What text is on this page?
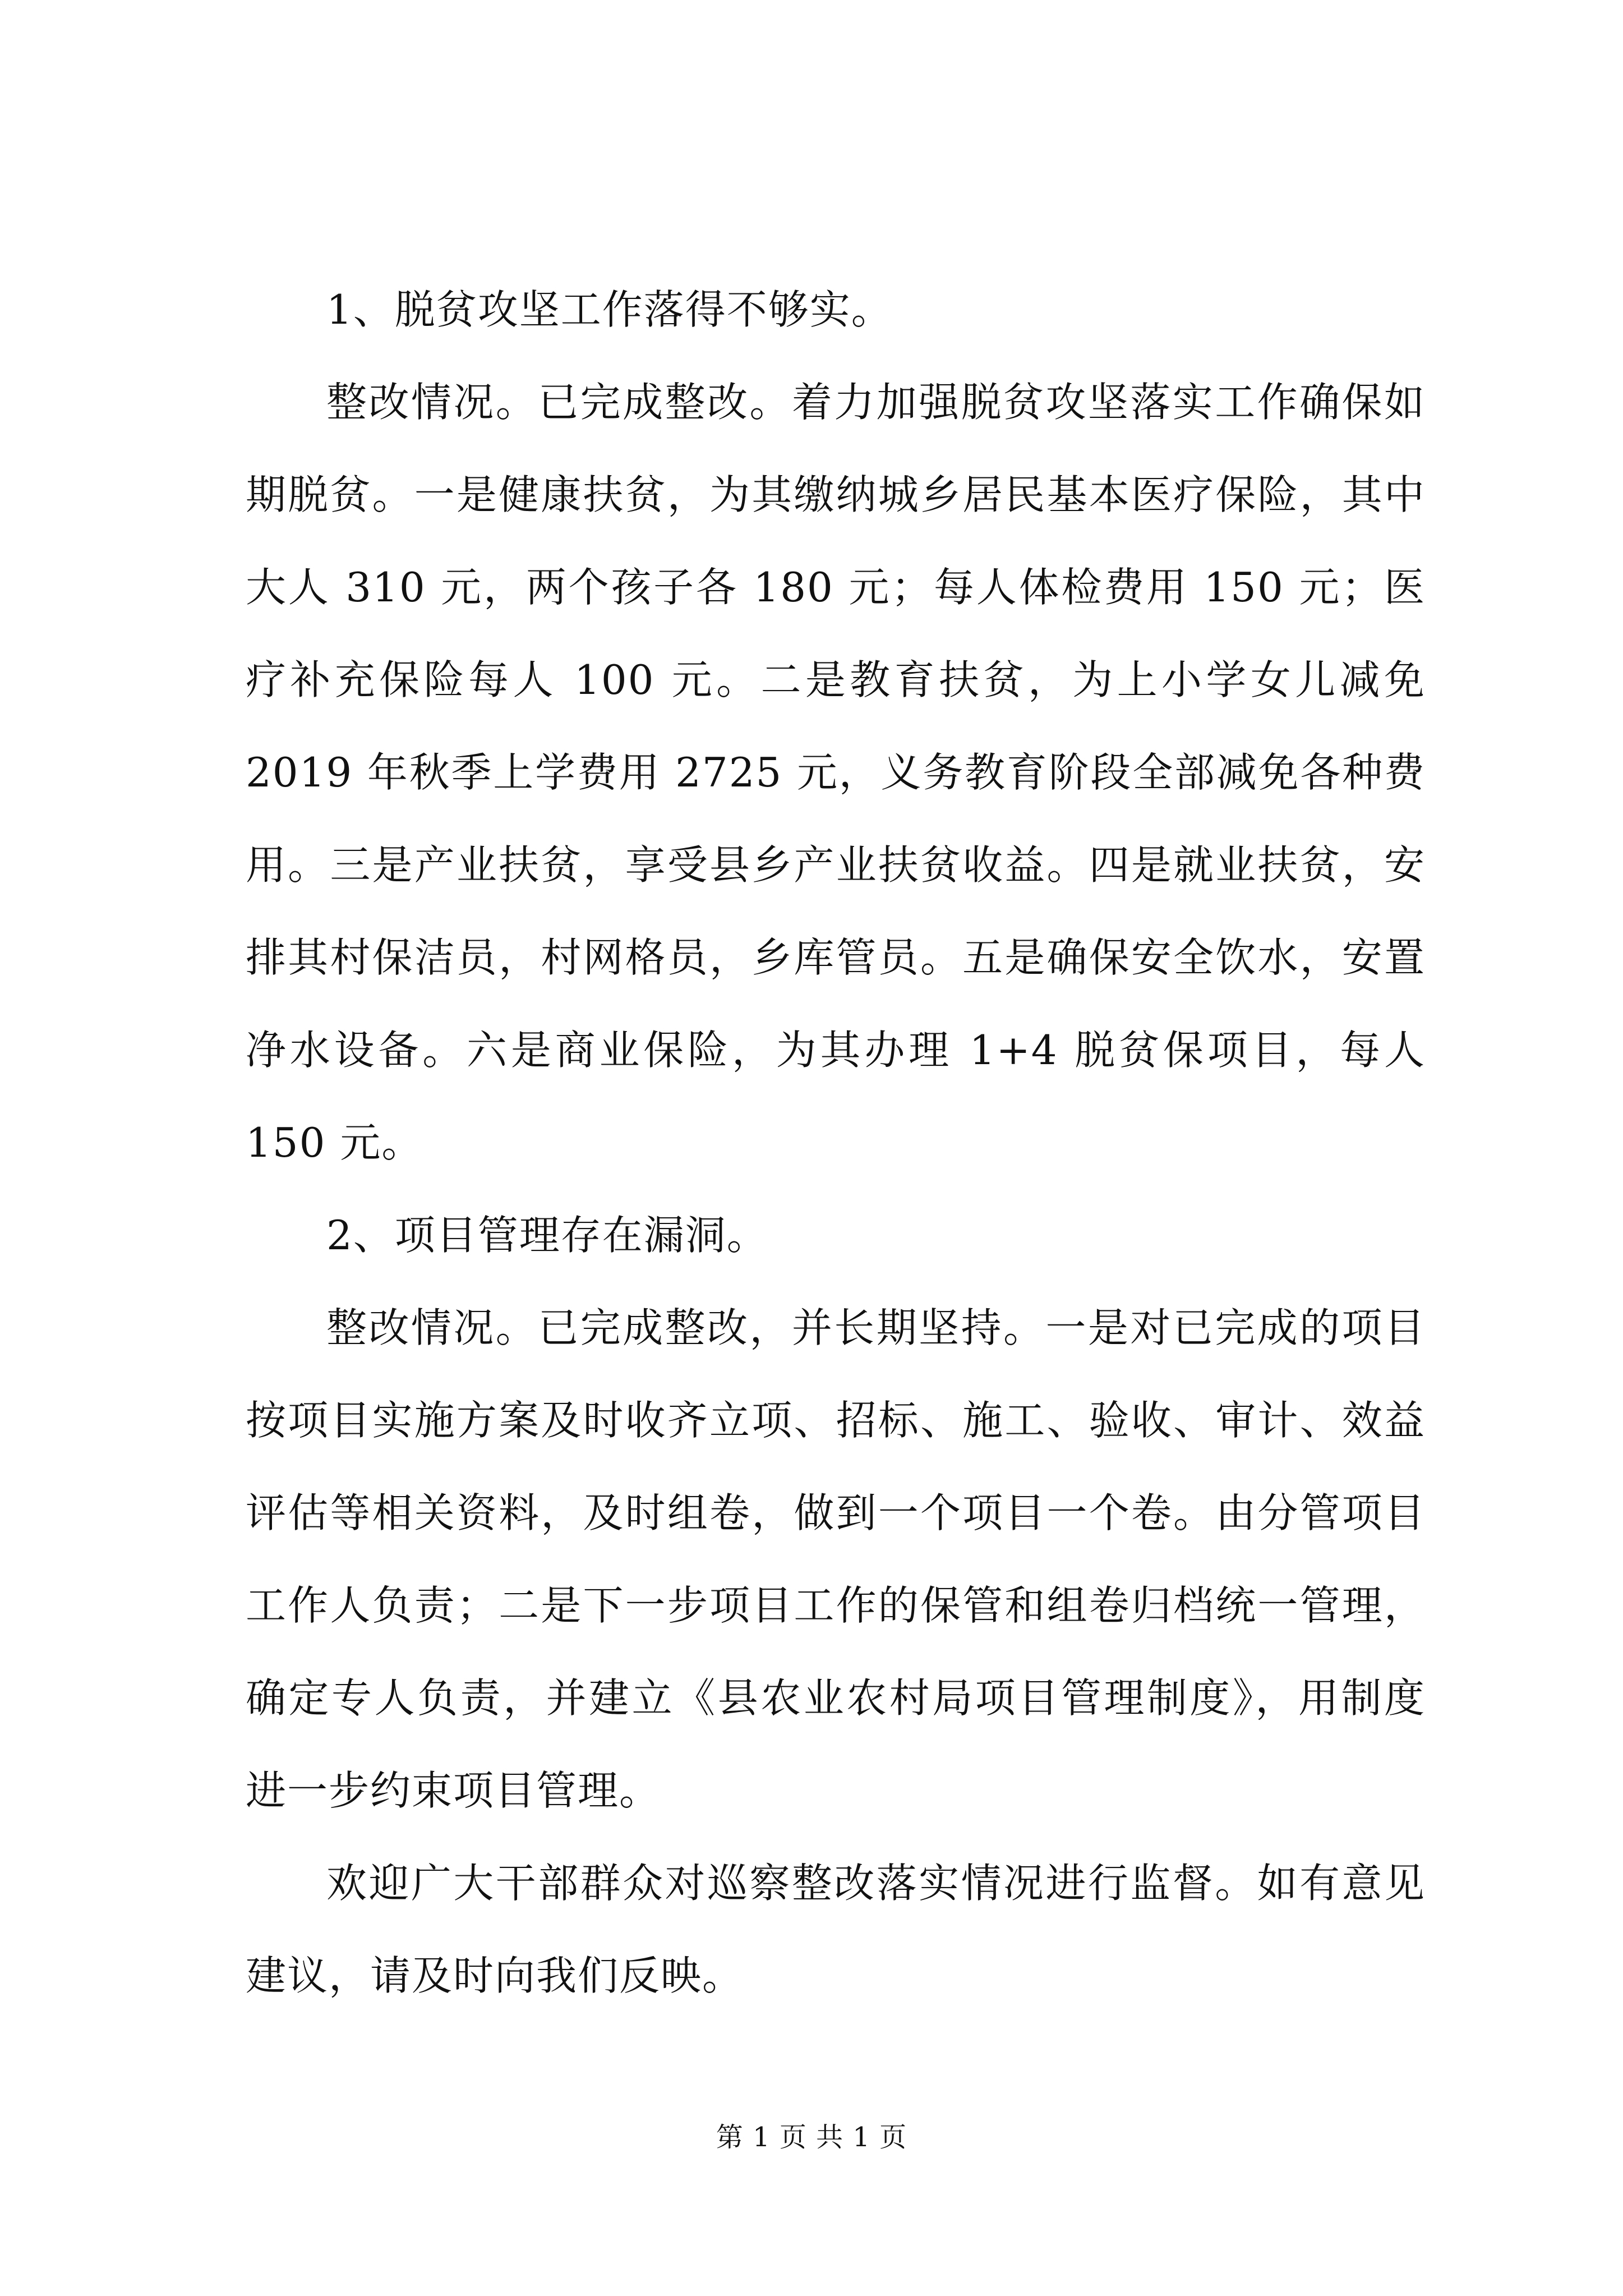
1、脱贫攻坚工作落得不够实。

整改情况。已完成整改。着力加强脱贫攻坚落实工作确保如期脱贫。一是健康扶贫，为其缴纳城乡居民基本医疗保险，其中大人 310 元，两个孩子各 180 元；每人体检费用 150 元；医疗补充保险每人 100 元。二是教育扶贫，为上小学女儿减免 2019 年秋季上学费用 2725 元，义务教育阶段全部减免各种费用。三是产业扶贫，享受县乡产业扶贫收益。四是就业扶贫，安排其村保洁员，村网格员，乡库管员。五是确保安全饮水，安置净水设备。六是商业保险，为其办理 1+4 脱贫保项目，每人 150 元。

2、项目管理存在漏洞。

整改情况。已完成整改，并长期坚持。一是对已完成的项目按项目实施方案及时收齐立项、招标、施工、验收、审计、效益评估等相关资料，及时组卷，做到一个项目一个卷。由分管项目工作人负责；二是下一步项目工作的保管和组卷归档统一管理，确定专人负责，并建立《县农业农村局项目管理制度》，用制度进一步约束项目管理。

欢迎广大干部群众对巡察整改落实情况进行监督。如有意见建议，请及时向我们反映。

第 1 页 共 1 页
